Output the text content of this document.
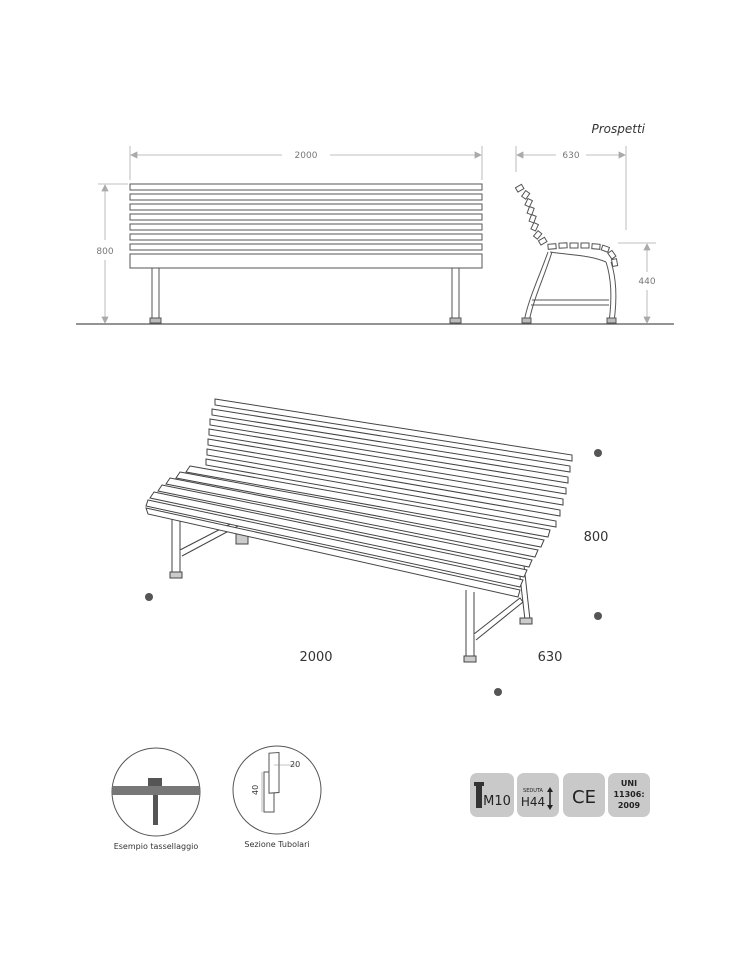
Prospetti
2000
800
630
440
2000	630
800
Esempio tassellaggio
20
40
Sezione Tubolari
M10
SEDUTA
H44 CE
UNI
11306:
2009
